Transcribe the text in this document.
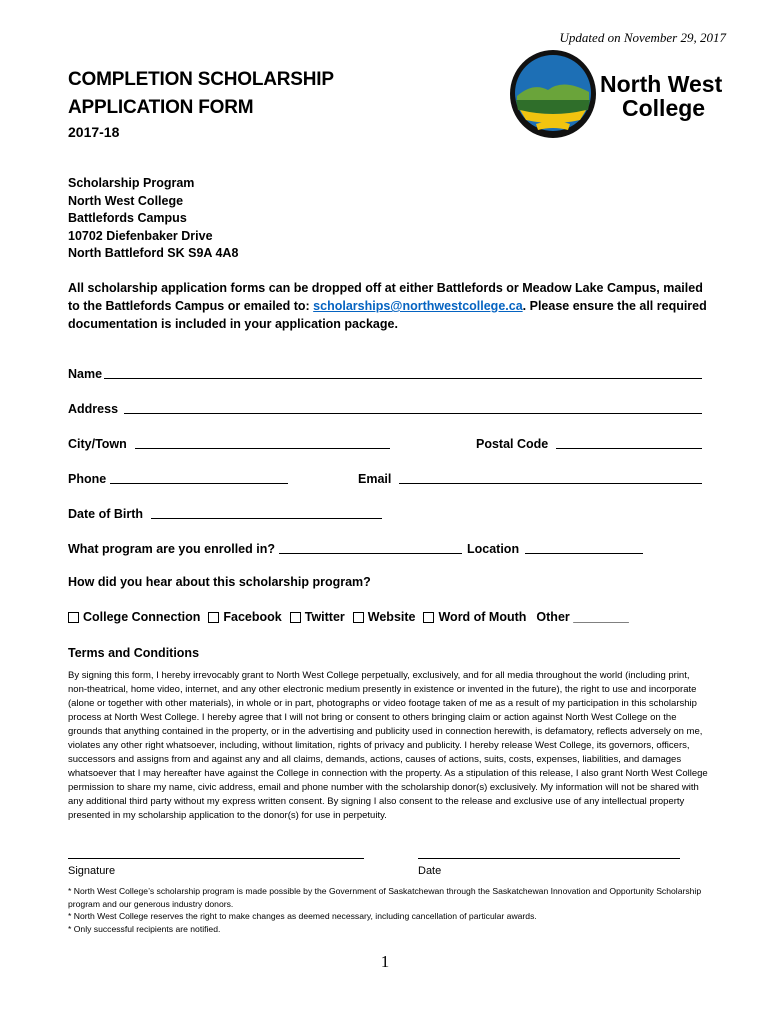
Updated on November 29, 2017
COMPLETION SCHOLARSHIP
APPLICATION FORM
2017-18
North West
College
Scholarship Program
North West College
Battlefords Campus
10702 Diefenbaker Drive
North Battleford SK S9A 4A8
All scholarship application forms can be dropped off at either Battlefords or Meadow Lake Campus, mailed to the Battlefords Campus or emailed to: scholarships@northwestcollege.ca. Please ensure the all required documentation is included in your application package.
Name
Address
City/Town	Postal Code
Phone	Email
Date of Birth
What program are you enrolled in?	Location
How did you hear about this scholarship program?
College Connection Facebook Twitter Website Word of Mouth Other ________
Terms and Conditions
By signing this form, I hereby irrevocably grant to North West College perpetually, exclusively, and for all media throughout the world (including print, non-theatrical, home video, internet, and any other electronic medium presently in existence or invented in the future), the right to use and incorporate (alone or together with other materials), in whole or in part, photographs or video footage taken of me as a result of my participation in this scholarship process at North West College. I hereby agree that I will not bring or consent to others bringing claim or action against North West College on the grounds that anything contained in the property, or in the advertising and publicity used in connection herewith, is defamatory, reflects adversely on me, violates any other right whatsoever, including, without limitation, rights of privacy and publicity. I hereby release West College, its governors, officers, successors and assigns from and against any and all claims, demands, actions, causes of actions, suits, costs, expenses, liabilities, and damages whatsoever that I may hereafter have against the College in connection with the property. As a stipulation of this release, I also grant North West College permission to share my name, civic address, email and phone number with the scholarship donor(s) exclusively. My information will not be shared with any additional third party without my express written consent. By signing I also consent to the release and exclusive use of any intellectual property presented in my scholarship application to the donor(s) for use in perpetuity.
Signature	Date
* North West College’s scholarship program is made possible by the Government of Saskatchewan through the Saskatchewan Innovation and Opportunity Scholarship program and our generous industry donors.
* North West College reserves the right to make changes as deemed necessary, including cancellation of particular awards.
* Only successful recipients are notified.
1
